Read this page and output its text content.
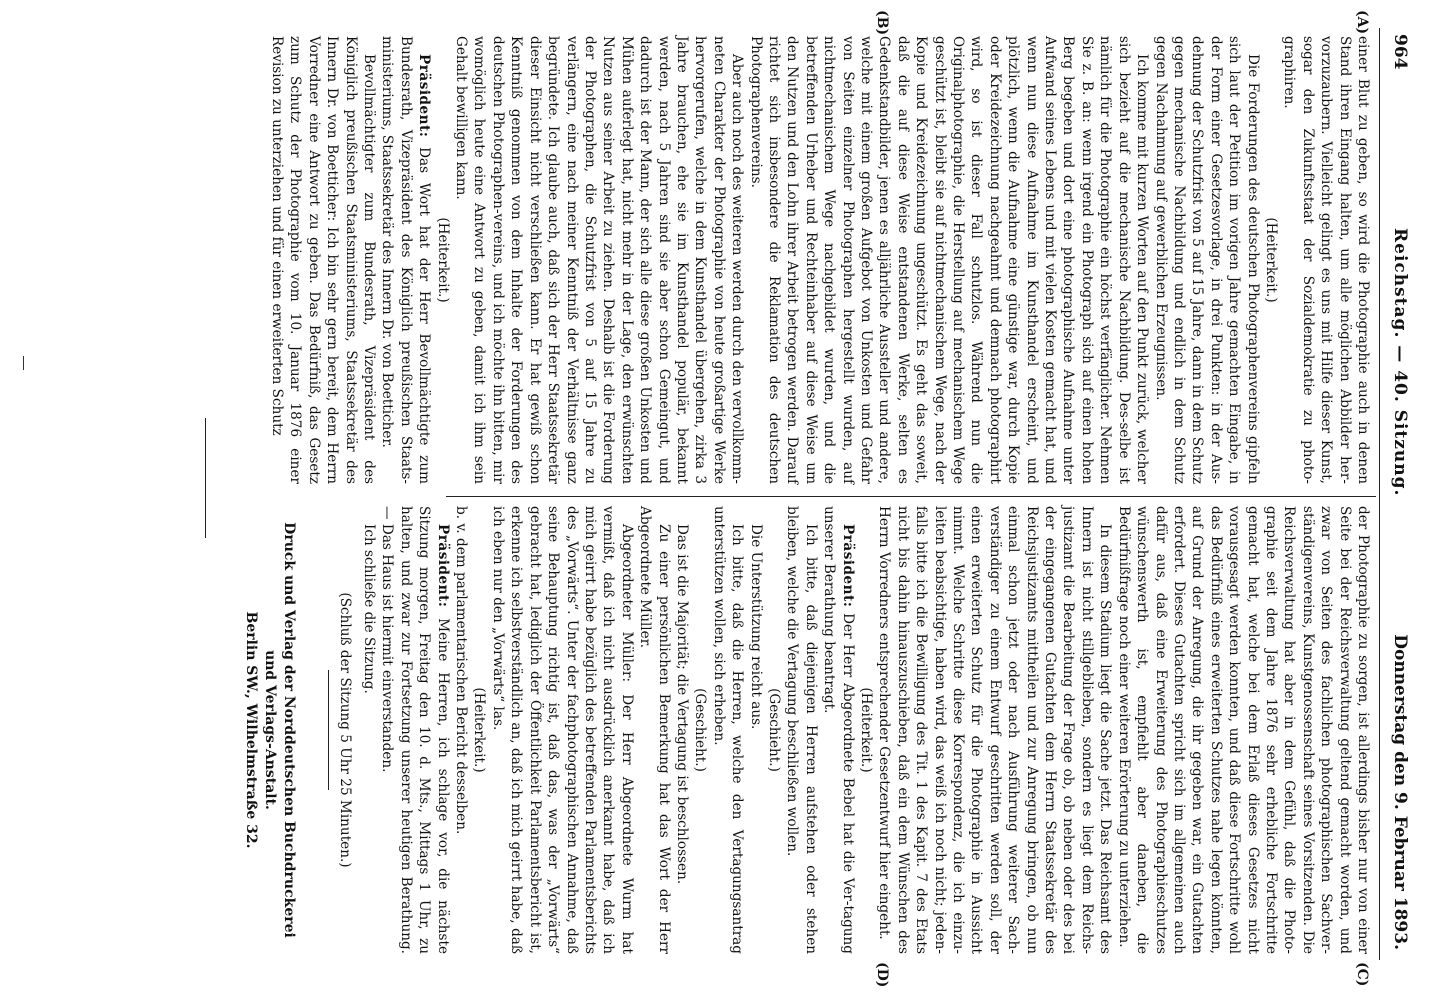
964
Reichstag. — 40. Sitzung.
Donnerstag den 9. Februar 1893.
(A)
(B)
(C)
(D)

einer Blut zu geben, so wird die Photographie auch in denen Stand ihren Eingang halten, um alle möglichen Abbilder her-vorzuzaubern. Vielleicht gelingt es uns mit Hilfe dieser Kunst, sogar den Zukunftsstaat der Sozialdemokratie zu photo-graphiren.

(Heiterkeit.)

Die Forderungen des deutschen Photographenvereins gipfeln sich laut der Petition im vorigen Jahre gemachten Eingabe, in der Form einer Gesetzesvorlage, in drei Punkten: in der Aus-dehnung der Schutzfrist von 5 auf 15 Jahre, dann in dem Schutz gegen mechanische Nachbildung und endlich in dem Schutz gegen Nachahmung auf gewerblichen Erzeugnissen.

Ich komme mit kurzen Worten auf den Punkt zurück, welcher sich bezieht auf die mechanische Nachbildung. Des-selbe ist nämlich für die Photographie ein höchst verfänglicher. Nehmen Sie z. B. an: wenn irgend ein Photograph sich auf einen hohen Berg begeben und dort eine photographische Aufnahme unter Aufwand seines Lebens und mit vielen Kosten gemacht hat, und wenn nun diese Aufnahme im Kunsthandel erscheint, und plötzlich, wenn die Aufnahme eine günstige war, durch Kopie oder Kreidezeichnung nachgeahmt und demnach photographirt wird, so ist dieser Fall schutzlos. Während nun die Originalphotographie, die Herstellung auf mechanischem Wege geschützt ist, bleibt sie auf nichtmechanischem Wege, nach der Kopie und Kreidezeichnung ungeschützt. Es geht das soweit, daß die auf diese Weise entstandenen Werke, selten es Gedenkstandbilder, jenen es alljährliche Aussteller und andere, welche mit einem großen Aufgebot von Unkosten und Gefahr von Seiten einzelner Photographen hergestellt wurden, auf nichtmechanischem Wege nachgebildet wurden, und die betreffenden Urheber und Rechteinhaber auf diese Weise um den Nutzen und den Lohn ihrer Arbeit betrogen werden. Darauf richtet sich insbesondere die Reklamation des deutschen Photographenvereins.

Aber auch noch des weiteren werden durch den vervollkomm-neten Charakter der Photographie von heute großartige Werke hervorgerufen, welche in dem Kunsthandel übergehen, zirka 3 Jahre brauchen, ehe sie im Kunsthandel populär, bekannt werden, nach 5 Jahren sind sie aber schon Gemeingut, und dadurch ist der Mann, der sich alle diese großen Unkosten und Mühen auferlegt hat, nicht mehr in der Lage, den erwünschten Nutzen aus seiner Arbeit zu ziehen. Deshalb ist die Forderung der Photographen, die Schutzfrist von 5 auf 15 Jahre zu verlängern, eine nach meiner Kenntniß der Verhältnisse ganz begründete. Ich glaube auch, daß sich der Herr Staatssekretär dieser Einsicht nicht verschließen kann. Er hat gewiß schon Kenntniß genommen von dem Inhalte der Forderungen des deutschen Photographen-vereins, und ich möchte ihn bitten, mir womöglich heute eine Antwort zu geben, damit ich ihm sein Gehalt bewilligen kann.

(Heiterkeit.)

Präsident: Das Wort hat der Herr Bevollmächtigte zum Bundesrath, Vizepräsident des Königlich preußischen Staats-ministeriums, Staatssekretär des Innern Dr. von Boetticher.

Bevollmächtigter zum Bundesrath, Vizepräsident des Königlich preußischen Staatsministeriums, Staatssekretär des Innern Dr. von Boetticher: Ich bin sehr gern bereit, dem Herrn Vorredner eine Antwort zu geben. Das Bedürfniß, das Gesetz zum Schutz der Photographie vom 10. Januar 1876 einer Revision zu unterziehen und für einen erweiterten Schutz

der Photographie zu sorgen, ist allerdings bisher nur von einer Seite bei der Reichsverwaltung geltend gemacht worden, und zwar von Seiten des fachlichen photographischen Sachver-ständigenvereins, Kunstgenossenschaft seines Vorsitzenden. Die Reichsverwaltung hat aber in dem Gefühl, daß die Photo-graphie seit dem Jahre 1876 sehr erhebliche Fortschritte gemacht hat, welche bei dem Erlaß dieses Gesetzes nicht vorausgesagt werden konnten, und daß diese Fortschritte wohl das Bedürfniß eines erweiterten Schutzes nahe legen könnten, auf Grund der Anregung, die ihr gegeben war, ein Gutachten erfordert. Dieses Gutachten spricht sich im allgemeinen auch dafür aus, daß eine Erweiterung des Photographieschutzes wünschenswerth ist, empfiehlt aber daneben, die Bedürfnißfrage noch einer weiteren Erörterung zu unterziehen.

In diesem Stadium liegt die Sache jetzt. Das Reichsamt des Innern ist nicht stillgeblieben, sondern es liegt dem Reichs-justizamt die Bearbeitung der Frage ob, ob neben oder des bei der eingegangenen Gutachten dem Herrn Staatssekretär des Reichsjustizamts mittheilen und zur Anregung bringen, ob nun einmal schon jetzt oder nach Ausführung weiterer Sach-verständiger zu einem Entwurf geschritten werden soll, der einen erweiterten Schutz für die Photographie in Aussicht nimmt. Welche Schritte diese Korrespondenz, die ich einzu-leiten beabsichtige, haben wird, das weiß ich noch nicht; jeden-falls bitte ich die Bewilligung des Tit. 1 des Kapit. 7 des Etats nicht bis dahin hinauszuschieben, daß ein dem Wünschen des Herrn Vorredners entsprechender Gesetzentwurf hier eingeht.

(Heiterkeit.)

Präsident: Der Herr Abgeordnete Bebel hat die Ver-tagung unserer Berathung beantragt.

Ich bitte, daß diejenigen Herren aufstehen oder stehen bleiben, welche die Vertagung beschließen wollen.

(Geschieht.)

Die Unterstützung reicht aus.

Ich bitte, daß die Herren, welche den Vertagungsantrag unterstützen wollen, sich erheben.

(Geschieht.)

Das ist die Majorität; die Vertagung ist beschlossen.

Zu einer persönlichen Bemerkung hat das Wort der Herr Abgeordnete Müller.

Abgeordneter Müller: Der Herr Abgeordnete Wurm hat vermißt, daß ich nicht ausdrücklich anerkannt habe, daß ich mich geirrt habe bezüglich des betreffenden Parlamentsberichts des „Vorwärts“. Unter der fachphotographischen Annahme, daß seine Behauptung richtig ist, daß das, was der „Vorwärts“ gebracht hat, lediglich der Öffentlichkeit Parlamentsbericht ist, erkenne ich selbstverständlich an, daß ich mich geirrt habe, daß ich eben nur den „Vorwärts“ las.

(Heiterkeit.)

b. v. dem parlamentarischen Bericht desselben.

Präsident: Meine Herren, ich schlage vor, die nächste Sitzung morgen, Freitag den 10. d. Mts., Mittags 1 Uhr, zu halten, und zwar zur Fortsetzung unserer heutigen Berathung. — Das Haus ist hiermit einverstanden.

Ich schließe die Sitzung.

(Schluß der Sitzung 5 Uhr 25 Minuten.)

Druck und Verlag der Norddeutschen Buchdruckerei und Verlags-Anstalt.
Berlin SW., Wilhelmstraße 32.
